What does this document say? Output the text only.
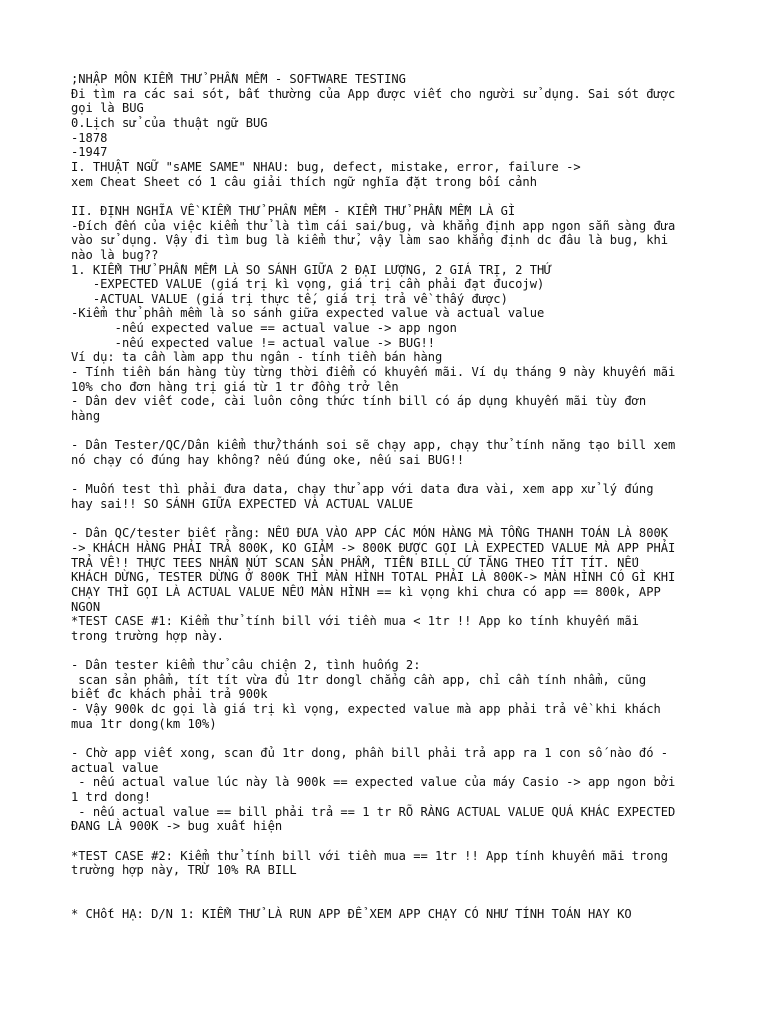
;NHẬP MÔN KIỂM THỬ PHẦN MỀM - SOFTWARE TESTING
Đi tìm ra các sai sót, bất thường của App được viết cho người sử dụng. Sai sót được
gọi là BUG
0.Lịch sử của thuật ngữ BUG
-1878
-1947
I. THUẬT NGỮ "sAME SAME" NHAU: bug, defect, mistake, error, failure ->
xem Cheat Sheet có 1 câu giải thích ngữ nghĩa đặt trong bối cảnh
II. ĐỊNH NGHĨA VỀ KIỂM THỬ PHẦN MỀM - KIỂM THỬ PHẦN MỀM LÀ GÌ
-Đích đến của việc kiểm thử là tìm cái sai/bug, và khẳng định app ngon sẵn sàng đưa
vào sử dụng. Vậy đi tìm bug là kiểm thử, vậy làm sao khẳng định dc đâu là bug, khi
nào là bug??
1. KIỂM THỬ PHẦN MỀM LÀ SO SÁNH GIỮA 2 ĐẠI LƯỢNG, 2 GIÁ TRỊ, 2 THỨ
-EXPECTED VALUE (giá trị kì vọng, giá trị cần phải đạt đucojw)
-ACTUAL VALUE (giá trị thực tế, giá trị trả về thấy được)
-Kiểm thử phần mềm là so sánh giữa expected value và actual value
-nếu expected value == actual value -> app ngon
-nếu expected value != actual value -> BUG!!
Ví dụ: ta cần làm app thu ngân - tính tiền bán hàng
- Tính tiền bán hàng tùy từng thời điểm có khuyến mãi. Ví dụ tháng 9 này khuyến mãi
10% cho đơn hàng trị giá từ 1 tr đồng trở lên
- Dân dev viết code, cài luôn công thức tính bill có áp dụng khuyến mãi tùy đơn
hàng
- Dân Tester/QC/Dân kiểm thử/thánh soi sẽ chạy app, chạy thử tính năng tạo bill xem
nó chạy có đúng hay không? nếu đúng oke, nếu sai BUG!!
- Muốn test thì phải đưa data, chạy thử app với data đưa vài, xem app xử lý đúng
hay sai!! SO SÁNH GIỮA EXPECTED VÀ ACTUAL VALUE
- Dân QC/tester biết rằng: NẾU ĐƯA VÀO APP CÁC MÓN HÀNG MÀ TỔNG THANH TOÁN LÀ 800K
-> KHÁCH HÀNG PHẢI TRẢ 800K, KO GIẢM -> 800K ĐƯỢC GỌI LÀ EXPECTED VALUE MÀ APP PHẢI
TRẢ VỀ!! THỰC TEES NHẤN NÚT SCAN SẢN PHẨM, TIỀN BILL CỨ TĂNG THEO TÍT TÍT. NẾU
KHÁCH DỪNG, TESTER DỪNG Ở 800K THÌ MÀN HÌNH TOTAL PHẢI LÀ 800K-> MÀN HÌNH CÓ GÌ KHI
CHẠY THÌ GỌI LÀ ACTUAL VALUE NẾU MÀN HÌNH == kì vọng khi chưa có app == 800k, APP
NGON
*TEST CASE #1: Kiểm thử tính bill với tiền mua < 1tr !! App ko tính khuyến mãi
trong trường hợp này.
- Dân tester kiểm thử câu chiện 2, tình huống 2:
scan sản phẩm, tít tít vừa đủ 1tr dongl chẳng cần app, chỉ cần tính nhẩm, cũng
biết đc khách phải trả 900k
- Vậy 900k dc gọi là giá trị kì vọng, expected value mà app phải trả về khi khách
mua 1tr dong(km 10%)
- Chờ app viết xong, scan đủ 1tr dong, phần bill phải trả app ra 1 con số nào đó -
actual value
- nếu actual value lúc này là 900k == expected value của máy Casio -> app ngon bởi
1 trd dong!
- nếu actual value == bill phải trả == 1 tr RÕ RÀNG ACTUAL VALUE QUÁ KHÁC EXPECTED
ĐANG LÀ 900K -> bug xuất hiện
*TEST CASE #2: Kiểm thử tính bill với tiền mua == 1tr !! App tính khuyến mãi trong
trường hợp này, TRỪ 10% RA BILL
* CHốt HẠ: D/N 1: KIỂM THỬ LÀ RUN APP ĐỂ XEM APP CHẠY CÓ NHƯ TÍNH TOÁN HAY KO
